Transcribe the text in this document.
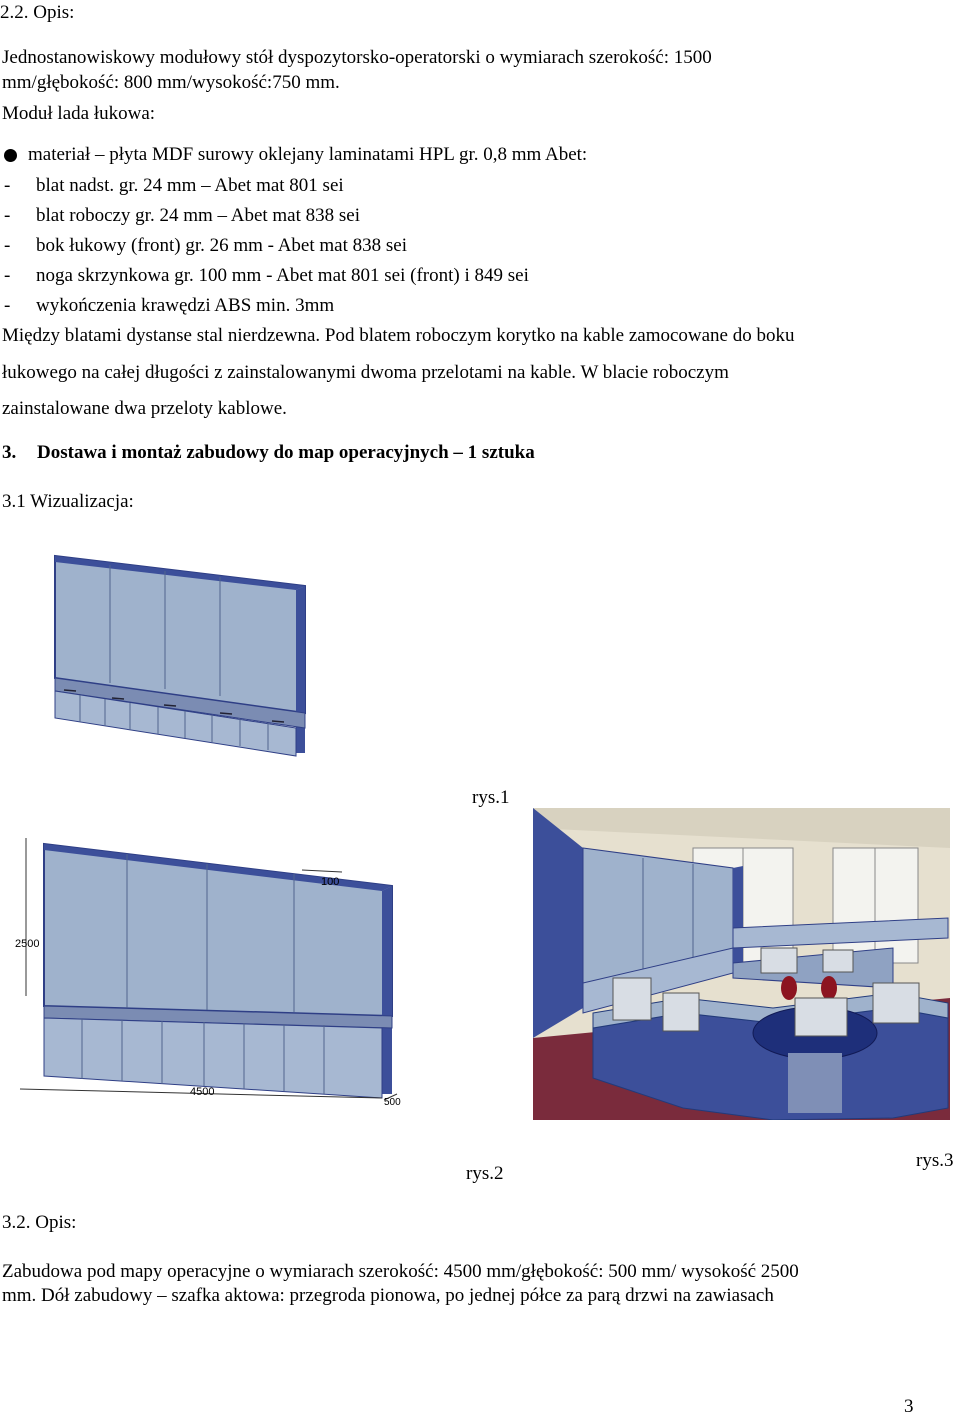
2.2. Opis:
Jednostanowiskowy modułowy stół dyspozytorsko-operatorski o wymiarach szerokość: 1500
mm/głębokość: 800 mm/wysokość:750 mm.
Moduł lada łukowa:
materiał – płyta MDF surowy oklejany laminatami HPL gr. 0,8 mm Abet:
- blat nadst. gr. 24 mm – Abet mat 801 sei
- blat roboczy gr. 24 mm – Abet mat 838 sei
- bok łukowy (front) gr. 26 mm - Abet mat 838 sei
- noga skrzynkowa gr. 100 mm - Abet mat 801 sei (front) i 849 sei
- wykończenia krawędzi ABS min. 3mm
Między blatami dystanse stal nierdzewna. Pod blatem roboczym korytko na kable zamocowane do boku
łukowego na całej długości z zainstalowanymi dwoma przelotami na kable. W blacie roboczym
zainstalowane dwa przeloty kablowe.
3. Dostawa i montaż zabudowy do map operacyjnych – 1 sztuka
3.1 Wizualizacja:
rys.1
100
2500
4500
500
rys.2
rys.3
3.2. Opis:
Zabudowa pod mapy operacyjne o wymiarach szerokość: 4500 mm/głębokość: 500 mm/ wysokość 2500
mm. Dół zabudowy – szafka aktowa: przegroda pionowa, po jednej półce za parą drzwi na zawiasach
3
